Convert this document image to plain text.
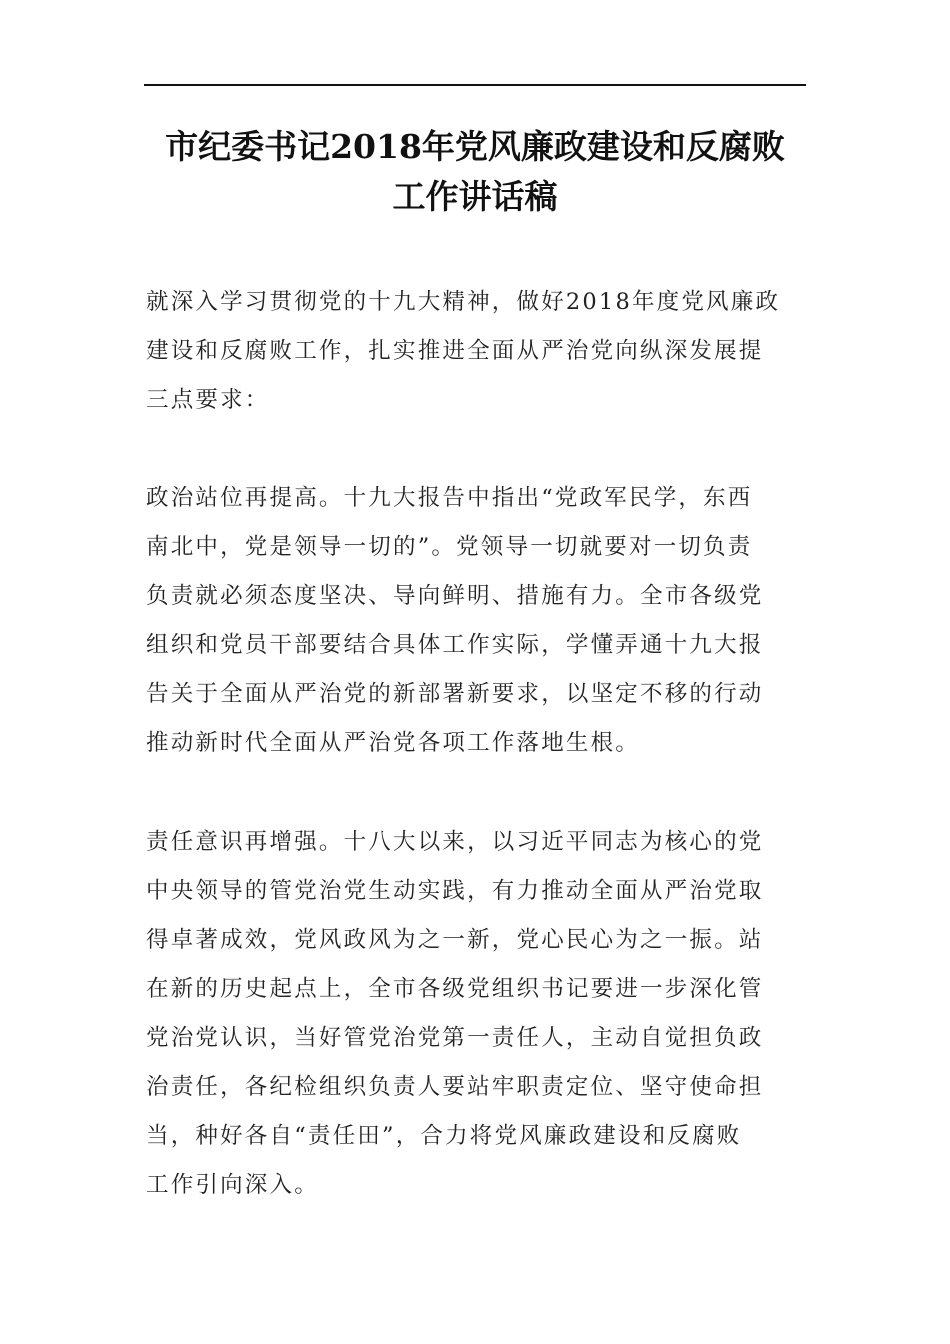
市纪委书记2018年党风廉政建设和反腐败
工作讲话稿
就深入学习贯彻党的十九大精神，做好2018年度党风廉政
建设和反腐败工作，扎实推进全面从严治党向纵深发展提
三点要求：
政治站位再提高。十九大报告中指出“党政军民学，东西
南北中，党是领导一切的”。党领导一切就要对一切负责
负责就必须态度坚决、导向鲜明、措施有力。全市各级党
组织和党员干部要结合具体工作实际，学懂弄通十九大报
告关于全面从严治党的新部署新要求，以坚定不移的行动
推动新时代全面从严治党各项工作落地生根。
责任意识再增强。十八大以来，以习近平同志为核心的党
中央领导的管党治党生动实践，有力推动全面从严治党取
得卓著成效，党风政风为之一新，党心民心为之一振。站
在新的历史起点上，全市各级党组织书记要进一步深化管
党治党认识，当好管党治党第一责任人，主动自觉担负政
治责任，各纪检组织负责人要站牢职责定位、坚守使命担
当，种好各自“责任田”，合力将党风廉政建设和反腐败
工作引向深入。
